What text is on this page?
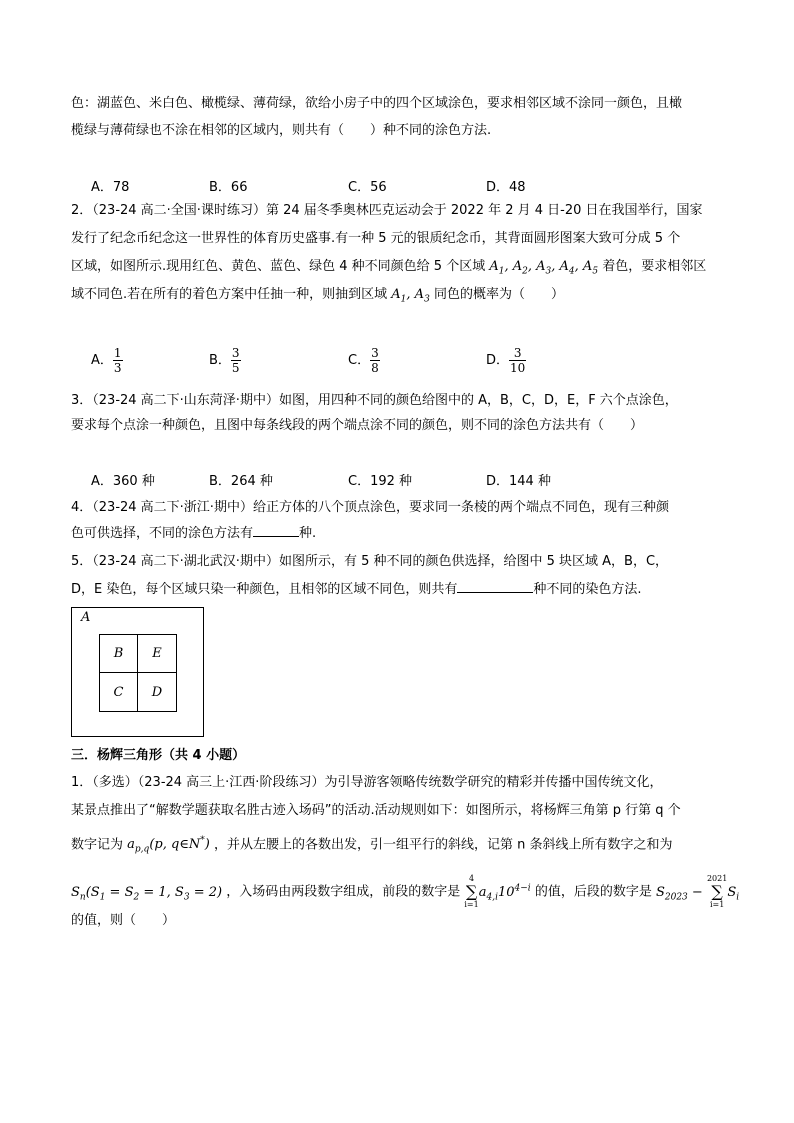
色：湖蓝色、米白色、橄榄绿、薄荷绿，欲给小房子中的四个区域涂色，要求相邻区域不涂同一颜色，且橄
榄绿与薄荷绿也不涂在相邻的区域内，则共有（　　）种不同的涂色方法.
A．78	B．66	C．56	D．48
2．（23-24 高二·全国·课时练习）第 24 届冬季奥林匹克运动会于 2022 年 2 月 4 日-20 日在我国举行，国家
发行了纪念币纪念这一世界性的体育历史盛事.有一种 5 元的银质纪念币，其背面圆形图案大致可分成 5 个
区域，如图所示.现用红色、黄色、蓝色、绿色 4 种不同颜色给 5 个区域 $A_1$, $A_2$, $A_3$, $A_4$, $A_5$ 着色，要求相邻区
域不同色.若在所有的着色方案中任抽一种，则抽到区域 $A_1$, $A_3$ 同色的概率为（　　）
A． $\frac{1}{3}$	B． $\frac{3}{5}$	C． $\frac{3}{8}$	D． $\frac{3}{10}$
3．（23-24 高二下·山东菏泽·期中）如图，用四种不同的颜色给图中的 A，B，C，D，E，F 六个点涂色，
要求每个点涂一种颜色，且图中每条线段的两个端点涂不同的颜色，则不同的涂色方法共有（　　）
A．360 种	B．264 种	C．192 种	D．144 种
4．（23-24 高二下·浙江·期中）给正方体的八个顶点涂色，要求同一条棱的两个端点不同色，现有三种颜
色可供选择，不同的涂色方法有	种.
5．（23-24 高二下·湖北武汉·期中）如图所示，有 5 种不同的颜色供选择，给图中 5 块区域 A，B，C，
D，E 染色，每个区域只染一种颜色，且相邻的区域不同色，则共有	种不同的染色方法.
A
B	E
C	D
三．杨辉三角形（共 4 小题）
1．（多选）（23-24 高三上·江西·阶段练习）为引导游客领略传统数学研究的精彩并传播中国传统文化，
某景点推出了“解数学题获取名胜古迹入场码”的活动.活动规则如下：如图所示，将杨辉三角第 p 行第 q 个
数字记为 $a_{p,q}(p$, q∈N*) ，并从左腰上的各数出发，引一组平行的斜线，记第 n 条斜线上所有数字之和为
$S_n(S_1 = S_2 = 1$, $S_3 = 2$) ，入场码由两段数字组成，前段的数字是
4
∑
i=1
$a_{4,i}10^{4-i}$ 的值，后段的数字是 $S_{2023}$ −
2021
∑
i=1
$S_i$
的值，则（　　）
